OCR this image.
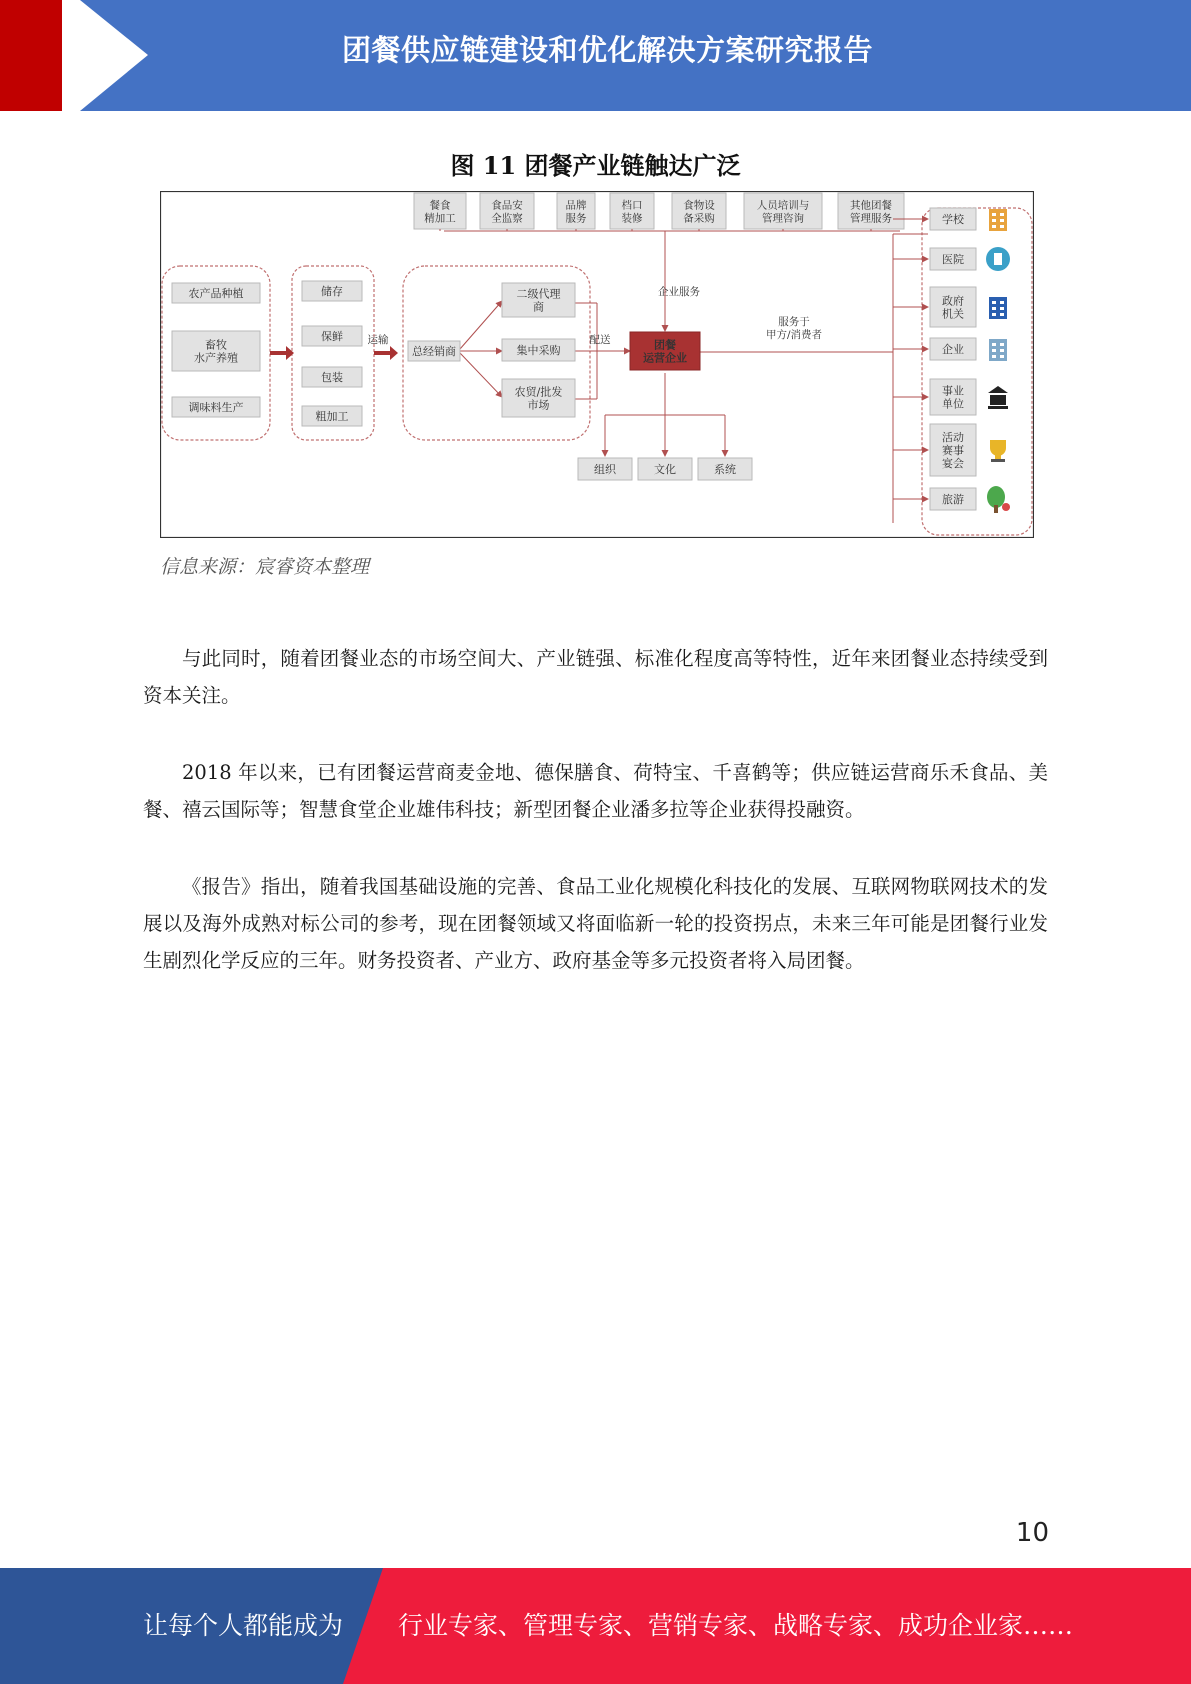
团餐供应链建设和优化解决方案研究报告
图 11 团餐产业链触达广泛
餐食精加工
食品安全监察
品牌服务
档口装修
食物设备采购
人员培训与管理咨询
其他团餐管理服务
农产品种植
畜牧水产养殖
调味料生产
储存
保鲜
包装
粗加工
运输
总经销商
二级代理商
集中采购
农贸/批发市场
配送
企业服务
服务于甲方/消费者
团餐运营企业
组织	文化	系统
学校
医院
政府机关
企业
事业单位
活动赛事宴会
旅游
信息来源：宸睿资本整理
与此同时，随着团餐业态的市场空间大、产业链强、标准化程度高等特性，近年来团餐业态持续受到资本关注。
2018 年以来，已有团餐运营商麦金地、德保膳食、荷特宝、千喜鹤等；供应链运营商乐禾食品、美餐、禧云国际等；智慧食堂企业雄伟科技；新型团餐企业潘多拉等企业获得投融资。
《报告》指出，随着我国基础设施的完善、食品工业化规模化科技化的发展、互联网物联网技术的发展以及海外成熟对标公司的参考，现在团餐领域又将面临新一轮的投资拐点，未来三年可能是团餐行业发生剧烈化学反应的三年。财务投资者、产业方、政府基金等多元投资者将入局团餐。
10
让每个人都能成为 行业专家、管理专家、营销专家、战略专家、成功企业家……
